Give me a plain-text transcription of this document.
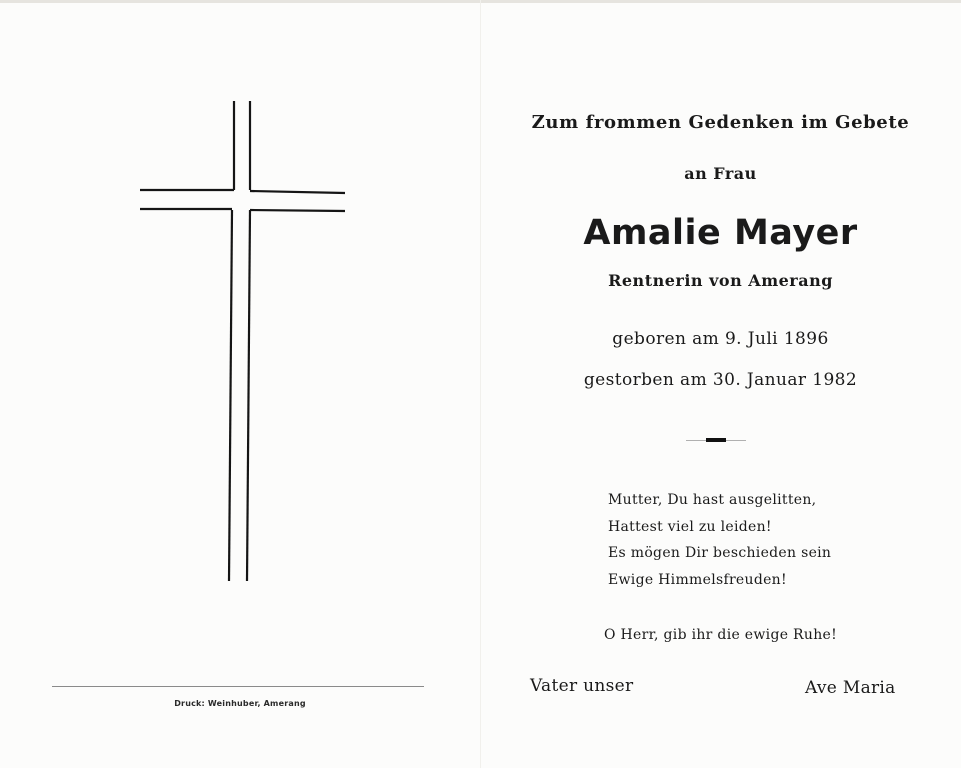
Druck: Weinhuber, Amerang
Zum frommen Gedenken im Gebete
an Frau
Amalie Mayer
Rentnerin von Amerang
geboren am 9. Juli 1896
gestorben am 30. Januar 1982
Mutter, Du hast ausgelitten,
Hattest viel zu leiden!
Es mögen Dir beschieden sein
Ewige Himmelsfreuden!
O Herr, gib ihr die ewige Ruhe!
Vater unser	Ave Maria
